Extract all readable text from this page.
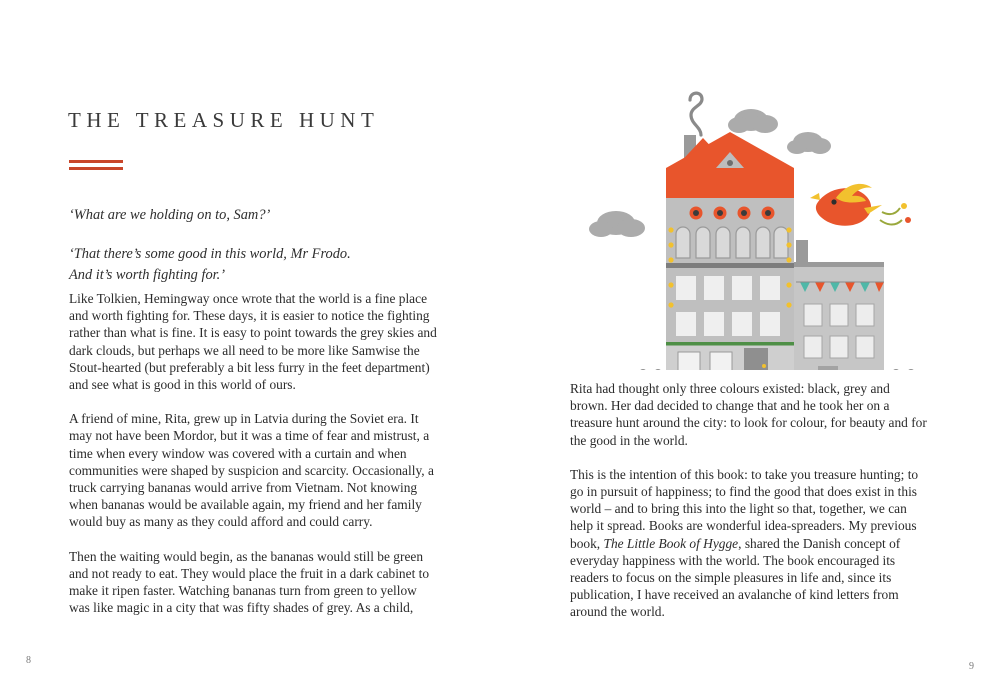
THE TREASURE HUNT

‘What are we holding on to, Sam?’

‘That there’s some good in this world, Mr Frodo.
And it’s worth fighting for.’

Like Tolkien, Hemingway once wrote that the world is a fine place and worth fighting for. These days, it is easier to notice the fighting rather than what is fine. It is easy to point towards the grey skies and dark clouds, but perhaps we all need to be more like Samwise the Stout-hearted (but preferably a bit less furry in the feet department) and see what is good in this world of ours.

A friend of mine, Rita, grew up in Latvia during the Soviet era. It may not have been Mordor, but it was a time of fear and mistrust, a time when every window was covered with a curtain and when communities were shaped by suspicion and scarcity. Occasionally, a truck carrying bananas would arrive from Vietnam. Not knowing when bananas would be available again, my friend and her family would buy as many as they could afford and could carry.

Then the waiting would begin, as the bananas would still be green and not ready to eat. They would place the fruit in a dark cabinet to make it ripen faster. Watching bananas turn from green to yellow was like magic in a city that was fifty shades of grey. As a child,

8

Rita had thought only three colours existed: black, grey and brown. Her dad decided to change that and he took her on a treasure hunt around the city: to look for colour, for beauty and for the good in the world.

This is the intention of this book: to take you treasure hunting; to go in pursuit of happiness; to find the good that does exist in this world – and to bring this into the light so that, together, we can help it spread. Books are wonderful idea-spreaders. My previous book, The Little Book of Hygge, shared the Danish concept of everyday happiness with the world. The book encouraged its readers to focus on the simple pleasures in life and, since its publication, I have received an avalanche of kind letters from around the world.

9
